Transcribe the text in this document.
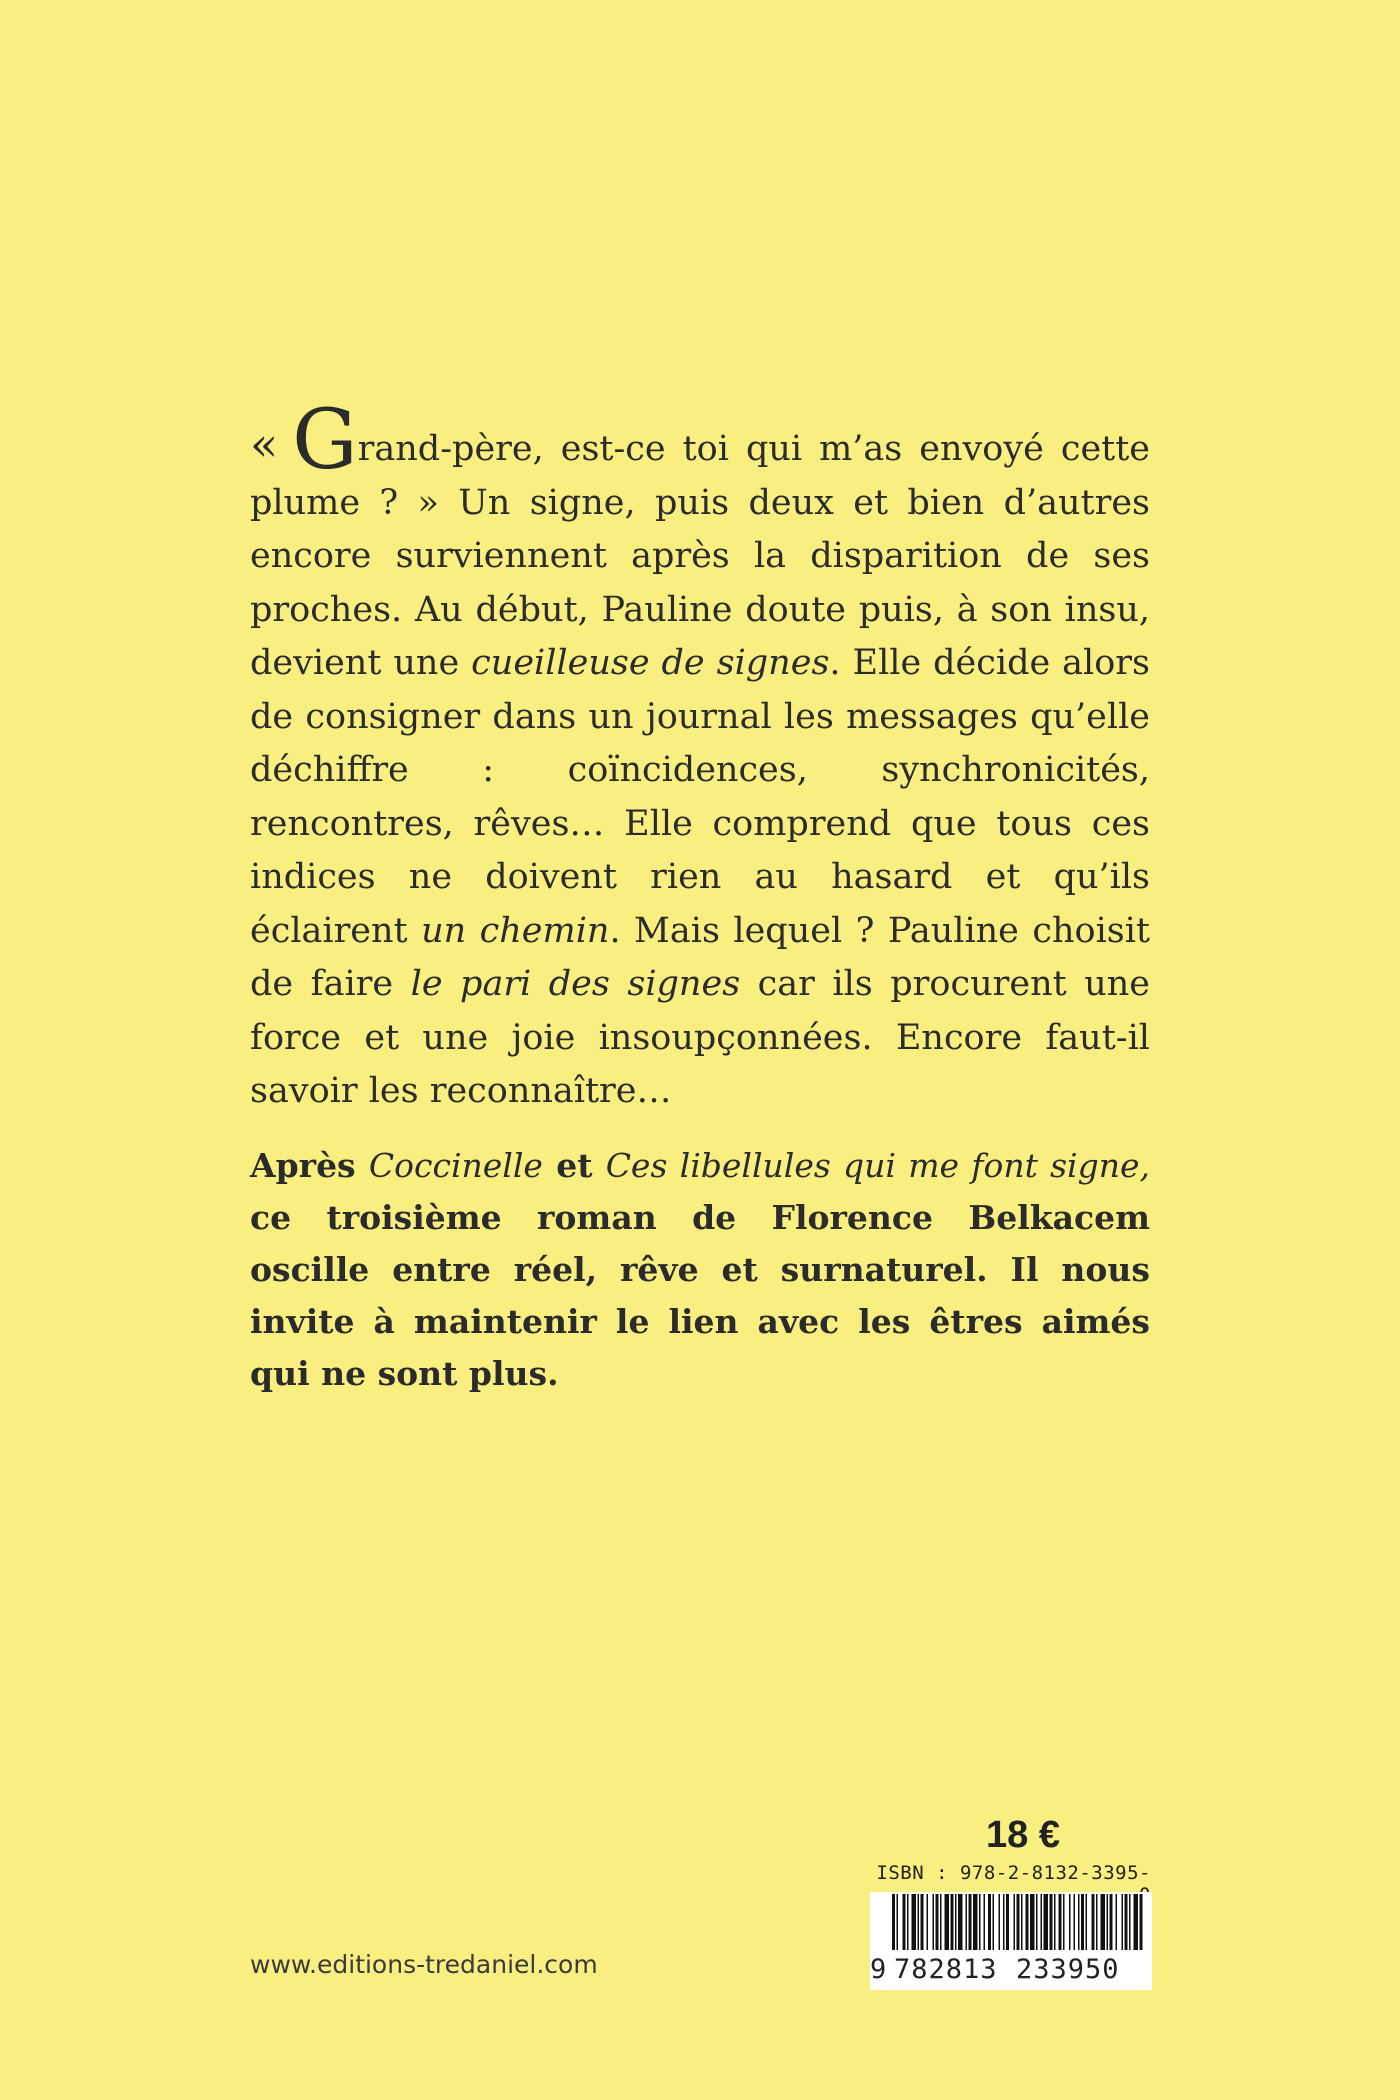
« Grand-père, est-ce toi qui m’as envoyé cette plume ? » Un signe, puis deux et bien d’autres encore surviennent après la disparition de ses proches. Au début, Pauline doute puis, à son insu, devient une cueilleuse de signes. Elle décide alors de consigner dans un journal les messages qu’elle déchiffre : coïncidences, synchronicités, rencontres, rêves… Elle comprend que tous ces indices ne doivent rien au hasard et qu’ils éclairent un chemin. Mais lequel ? Pauline choisit de faire le pari des signes car ils procurent une force et une joie insoupçonnées. Encore faut-il savoir les reconnaître…
Après Coccinelle et Ces libellules qui me font signe, ce troisième roman de Florence Belkacem oscille entre réel, rêve et surnaturel. Il nous invite à maintenir le lien avec les êtres aimés qui ne sont plus.
www.editions-tredaniel.com
18 €
ISBN : 978-2-8132-3395-
9 782813 233950
